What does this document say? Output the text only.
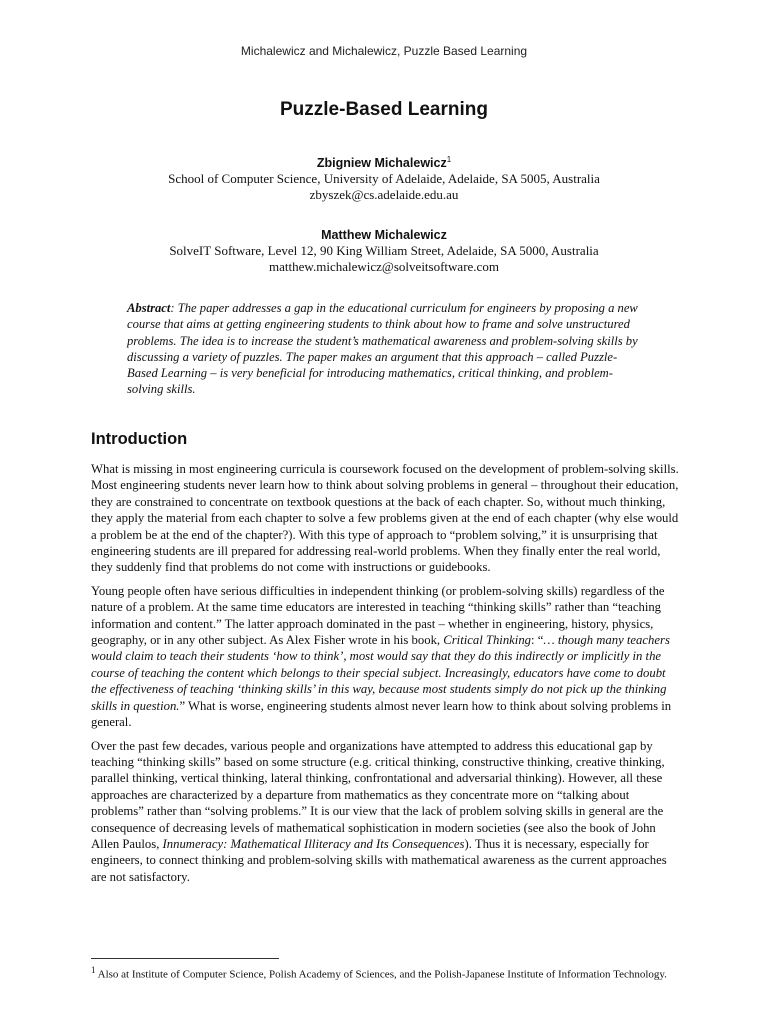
Michalewicz and Michalewicz, Puzzle Based Learning
Puzzle-Based Learning
Zbigniew Michalewicz$^1$
School of Computer Science, University of Adelaide, Adelaide, SA 5005, Australia
zbyszek@cs.adelaide.edu.au
Matthew Michalewicz
SolveIT Software, Level 12, 90 King William Street, Adelaide, SA 5000, Australia
matthew.michalewicz@solveitsoftware.com
Abstract: The paper addresses a gap in the educational curriculum for engineers by proposing a new course that aims at getting engineering students to think about how to frame and solve unstructured problems. The idea is to increase the student’s mathematical awareness and problem-solving skills by discussing a variety of puzzles. The paper makes an argument that this approach – called Puzzle-Based Learning – is very beneficial for introducing mathematics, critical thinking, and problem-solving skills.
Introduction

What is missing in most engineering curricula is coursework focused on the development of problem-solving skills. Most engineering students never learn how to think about solving problems in general – throughout their education, they are constrained to concentrate on textbook questions at the back of each chapter. So, without much thinking, they apply the material from each chapter to solve a few problems given at the end of each chapter (why else would a problem be at the end of the chapter?). With this type of approach to “problem solving,” it is unsurprising that engineering students are ill prepared for addressing real-world problems. When they finally enter the real world, they suddenly find that problems do not come with instructions or guidebooks.

Young people often have serious difficulties in independent thinking (or problem-solving skills) regardless of the nature of a problem. At the same time educators are interested in teaching “thinking skills” rather than “teaching information and content.” The latter approach dominated in the past – whether in engineering, history, physics, geography, or in any other subject. As Alex Fisher wrote in his book, Critical Thinking: “… though many teachers would claim to teach their students ‘how to think’, most would say that they do this indirectly or implicitly in the course of teaching the content which belongs to their special subject. Increasingly, educators have come to doubt the effectiveness of teaching ‘thinking skills’ in this way, because most students simply do not pick up the thinking skills in question.” What is worse, engineering students almost never learn how to think about solving problems in general.

Over the past few decades, various people and organizations have attempted to address this educational gap by teaching “thinking skills” based on some structure (e.g. critical thinking, constructive thinking, creative thinking, parallel thinking, vertical thinking, lateral thinking, confrontational and adversarial thinking). However, all these approaches are characterized by a departure from mathematics as they concentrate more on “talking about problems” rather than “solving problems.” It is our view that the lack of problem solving skills in general are the consequence of decreasing levels of mathematical sophistication in modern societies (see also the book of John Allen Paulos, Innumeracy: Mathematical Illiteracy and Its Consequences). Thus it is necessary, especially for engineers, to connect thinking and problem-solving skills with mathematical awareness as the current approaches are not satisfactory.

$^1$ Also at Institute of Computer Science, Polish Academy of Sciences, and the Polish-Japanese Institute of Information Technology.
